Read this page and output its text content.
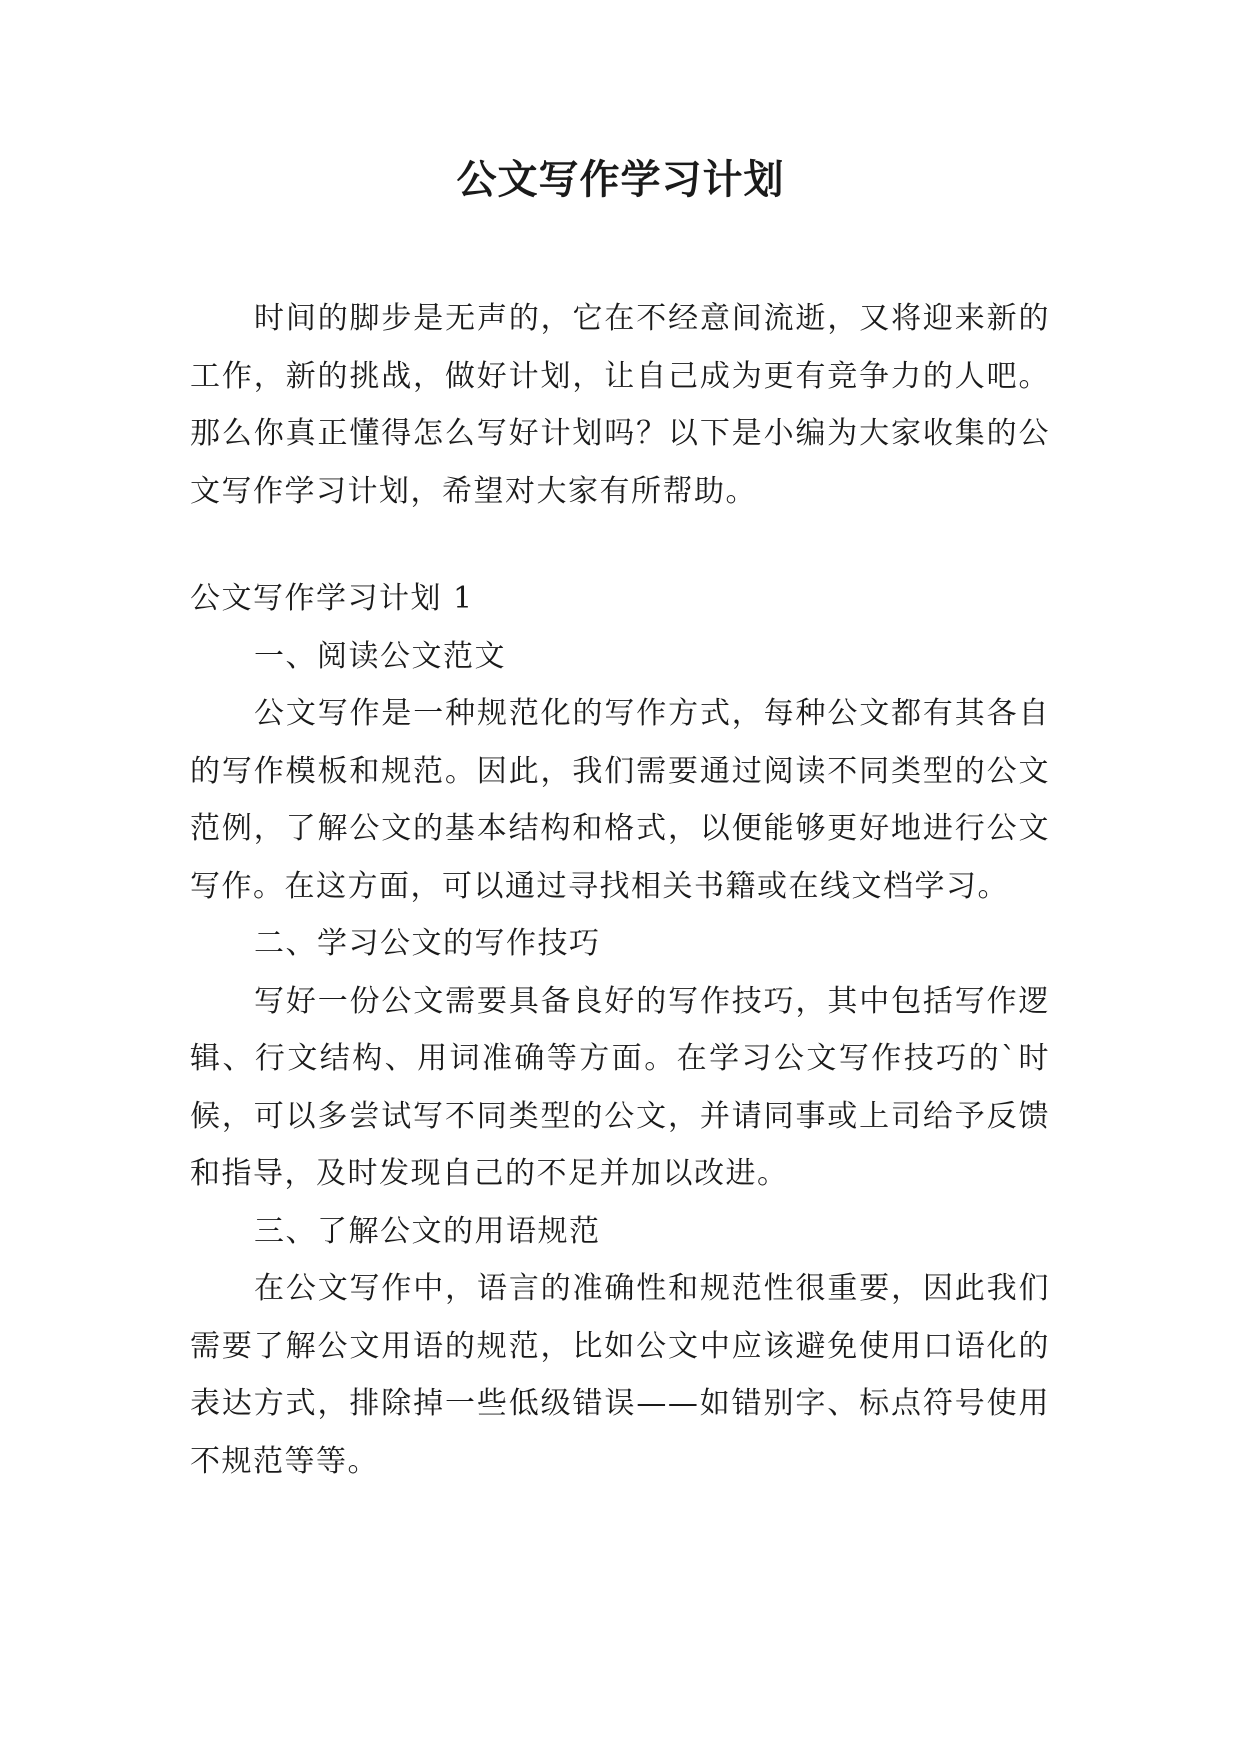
公文写作学习计划

时间的脚步是无声的，它在不经意间流逝，又将迎来新的工作，新的挑战，做好计划，让自己成为更有竞争力的人吧。那么你真正懂得怎么写好计划吗？以下是小编为大家收集的公文写作学习计划，希望对大家有所帮助。

公文写作学习计划 1

一、阅读公文范文

公文写作是一种规范化的写作方式，每种公文都有其各自的写作模板和规范。因此，我们需要通过阅读不同类型的公文范例，了解公文的基本结构和格式，以便能够更好地进行公文写作。在这方面，可以通过寻找相关书籍或在线文档学习。

二、学习公文的写作技巧

写好一份公文需要具备良好的写作技巧，其中包括写作逻辑、行文结构、用词准确等方面。在学习公文写作技巧的`时候，可以多尝试写不同类型的公文，并请同事或上司给予反馈和指导，及时发现自己的不足并加以改进。

三、了解公文的用语规范

在公文写作中，语言的准确性和规范性很重要，因此我们需要了解公文用语的规范，比如公文中应该避免使用口语化的表达方式，排除掉一些低级错误——如错别字、标点符号使用不规范等等。
